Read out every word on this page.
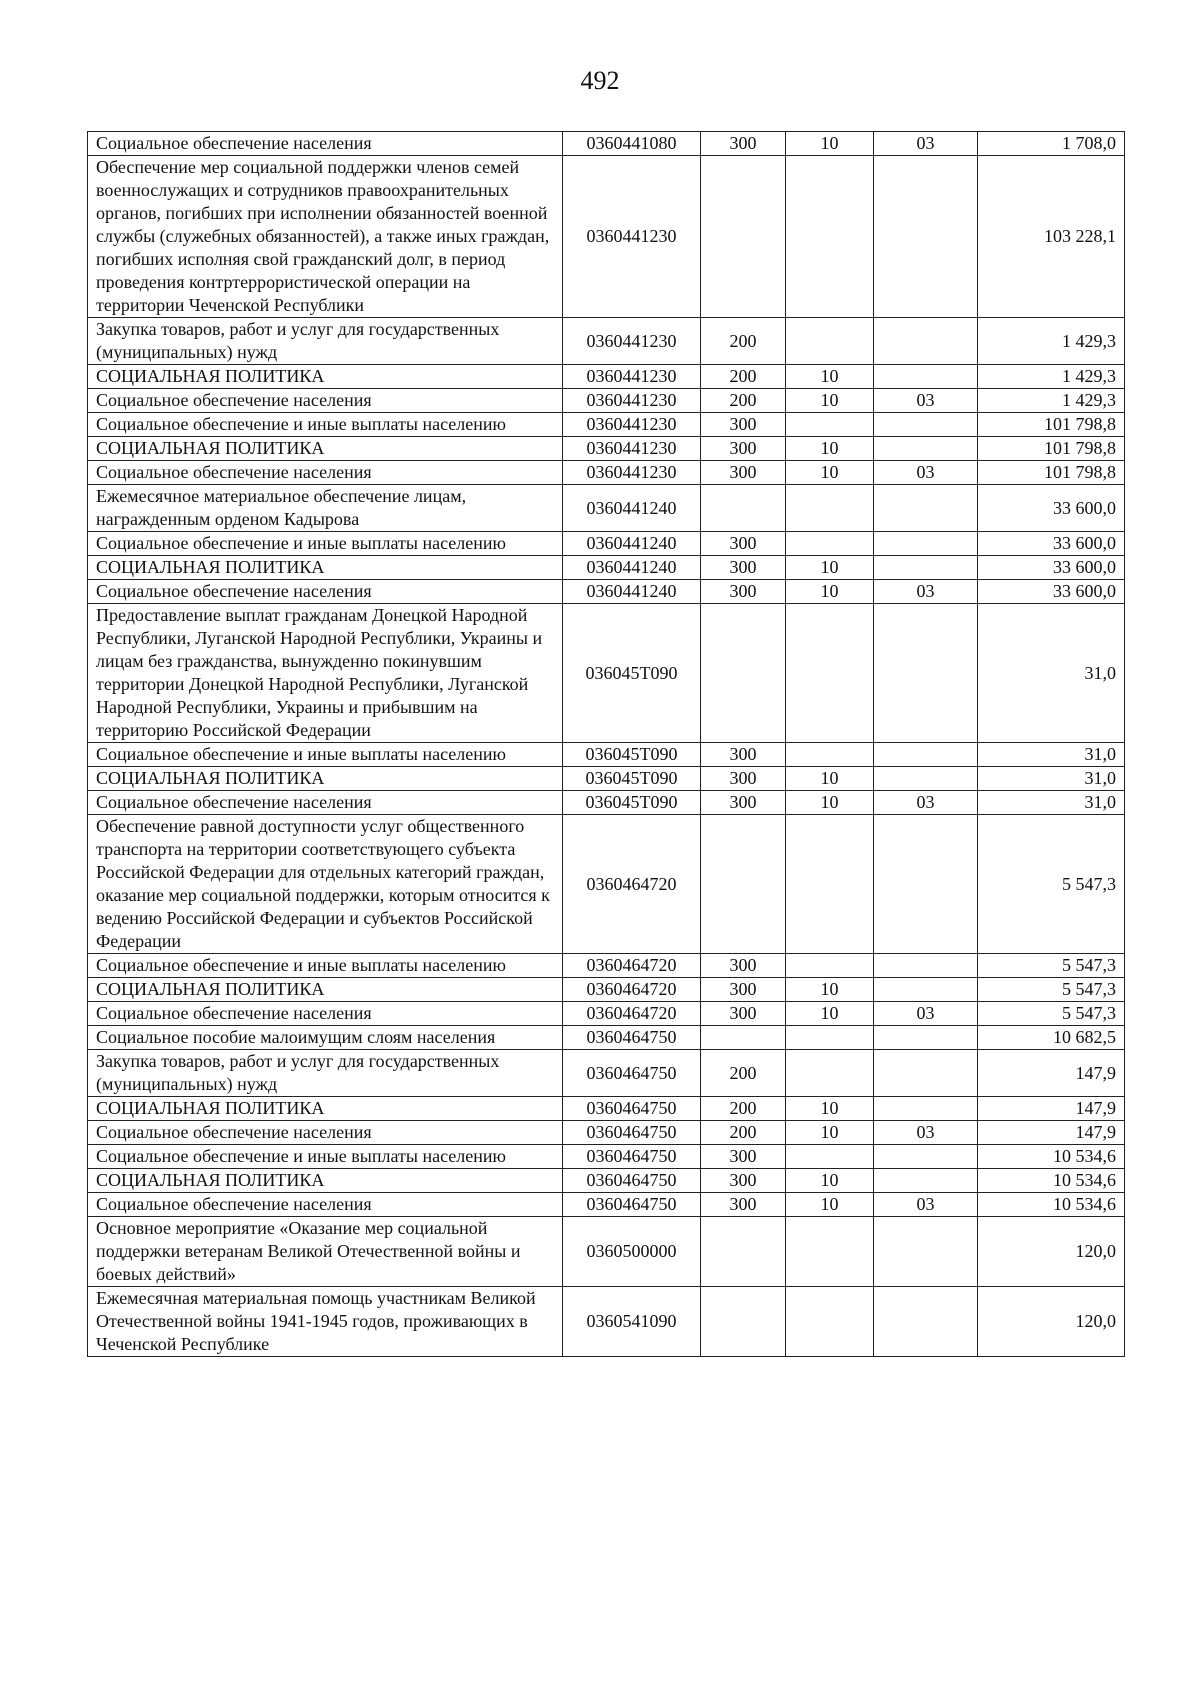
492
Социальное обеспечение населения	0360441080	300	10	03	1 708,0
Обеспечение мер социальной поддержки членов семей военнослужащих и сотрудников правоохранительных органов, погибших при исполнении обязанностей военной службы (служебных обязанностей), а также иных граждан, погибших исполняя свой гражданский долг, в период проведения контртеррористической операции на территории Чеченской Республики	0360441230				103 228,1
Закупка товаров, работ и услуг для государственных (муниципальных) нужд	0360441230	200			1 429,3
СОЦИАЛЬНАЯ ПОЛИТИКА	0360441230	200	10		1 429,3
Социальное обеспечение населения	0360441230	200	10	03	1 429,3
Социальное обеспечение и иные выплаты населению	0360441230	300			101 798,8
СОЦИАЛЬНАЯ ПОЛИТИКА	0360441230	300	10		101 798,8
Социальное обеспечение населения	0360441230	300	10	03	101 798,8
Ежемесячное материальное обеспечение лицам, награжденным орденом Кадырова	0360441240				33 600,0
Социальное обеспечение и иные выплаты населению	0360441240	300			33 600,0
СОЦИАЛЬНАЯ ПОЛИТИКА	0360441240	300	10		33 600,0
Социальное обеспечение населения	0360441240	300	10	03	33 600,0
Предоставление выплат гражданам Донецкой Народной Республики, Луганской Народной Республики, Украины и лицам без гражданства, вынужденно покинувшим территории Донецкой Народной Республики, Луганской Народной Республики, Украины и прибывшим на территорию Российской Федерации	036045Т090				31,0
Социальное обеспечение и иные выплаты населению	036045Т090	300			31,0
СОЦИАЛЬНАЯ ПОЛИТИКА	036045Т090	300	10		31,0
Социальное обеспечение населения	036045Т090	300	10	03	31,0
Обеспечение равной доступности услуг общественного транспорта на территории соответствующего субъекта Российской Федерации для отдельных категорий граждан, оказание мер социальной поддержки, которым относится к ведению Российской Федерации и субъектов Российской Федерации	0360464720				5 547,3
Социальное обеспечение и иные выплаты населению	0360464720	300			5 547,3
СОЦИАЛЬНАЯ ПОЛИТИКА	0360464720	300	10		5 547,3
Социальное обеспечение населения	0360464720	300	10	03	5 547,3
Социальное пособие малоимущим слоям населения	0360464750				10 682,5
Закупка товаров, работ и услуг для государственных (муниципальных) нужд	0360464750	200			147,9
СОЦИАЛЬНАЯ ПОЛИТИКА	0360464750	200	10		147,9
Социальное обеспечение населения	0360464750	200	10	03	147,9
Социальное обеспечение и иные выплаты населению	0360464750	300			10 534,6
СОЦИАЛЬНАЯ ПОЛИТИКА	0360464750	300	10		10 534,6
Социальное обеспечение населения	0360464750	300	10	03	10 534,6
Основное мероприятие «Оказание мер социальной поддержки ветеранам Великой Отечественной войны и боевых действий»	0360500000				120,0
Ежемесячная материальная помощь участникам Великой Отечественной войны 1941-1945 годов, проживающих в Чеченской Республике	0360541090				120,0
